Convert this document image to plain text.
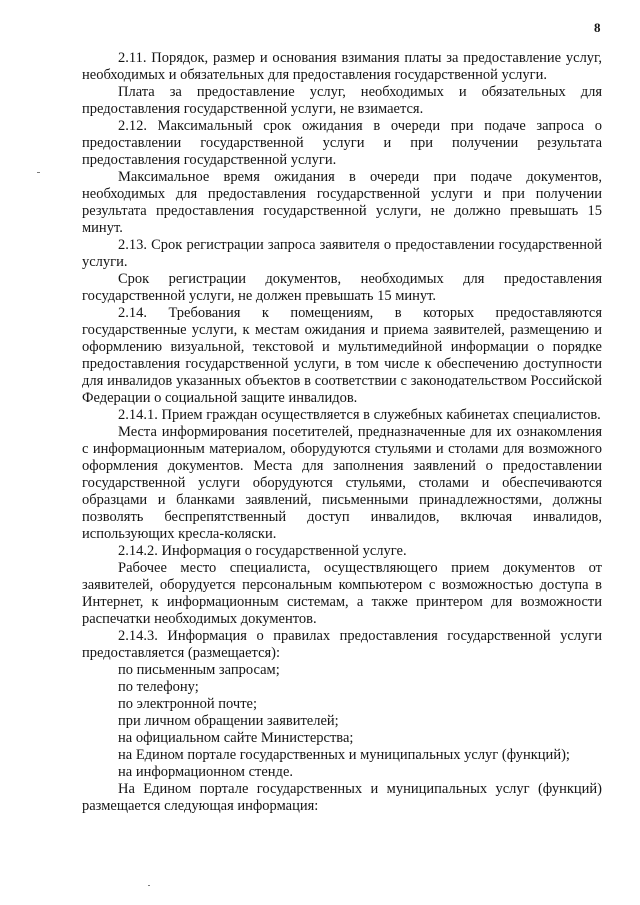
8

2.11. Порядок, размер и основания взимания платы за предоставление услуг, необходимых и обязательных для предоставления государственной услуги.

Плата за предоставление услуг, необходимых и обязательных для предоставления государственной услуги, не взимается.

2.12. Максимальный срок ожидания в очереди при подаче запроса о предоставлении государственной услуги и при получении результата предоставления государственной услуги.

Максимальное время ожидания в очереди при подаче документов, необходимых для предоставления государственной услуги и при получении результата предоставления государственной услуги, не должно превышать 15 минут.

2.13. Срок регистрации запроса заявителя о предоставлении государственной услуги.

Срок регистрации документов, необходимых для предоставления государственной услуги, не должен превышать 15 минут.

2.14. Требования к помещениям, в которых предоставляются государственные услуги, к местам ожидания и приема заявителей, размещению и оформлению визуальной, текстовой и мультимедийной информации о порядке предоставления государственной услуги, в том числе к обеспечению доступности для инвалидов указанных объектов в соответствии с законодательством Российской Федерации о социальной защите инвалидов.

2.14.1. Прием граждан осуществляется в служебных кабинетах специалистов.

Места информирования посетителей, предназначенные для их ознакомления с информационным материалом, оборудуются стульями и столами для возможного оформления документов. Места для заполнения заявлений о предоставлении государственной услуги оборудуются стульями, столами и обеспечиваются образцами и бланками заявлений, письменными принадлежностями, должны позволять беспрепятственный доступ инвалидов, включая инвалидов, использующих кресла-коляски.

2.14.2. Информация о государственной услуге.

Рабочее место специалиста, осуществляющего прием документов от заявителей, оборудуется персональным компьютером с возможностью доступа в Интернет, к информационным системам, а также принтером для возможности распечатки необходимых документов.

2.14.3. Информация о правилах предоставления государственной услуги предоставляется (размещается):

по письменным запросам;

по телефону;

по электронной почте;

при личном обращении заявителей;

на официальном сайте Министерства;

на Едином портале государственных и муниципальных услуг (функций);

на информационном стенде.

На Едином портале государственных и муниципальных услуг (функций) размещается следующая информация:
